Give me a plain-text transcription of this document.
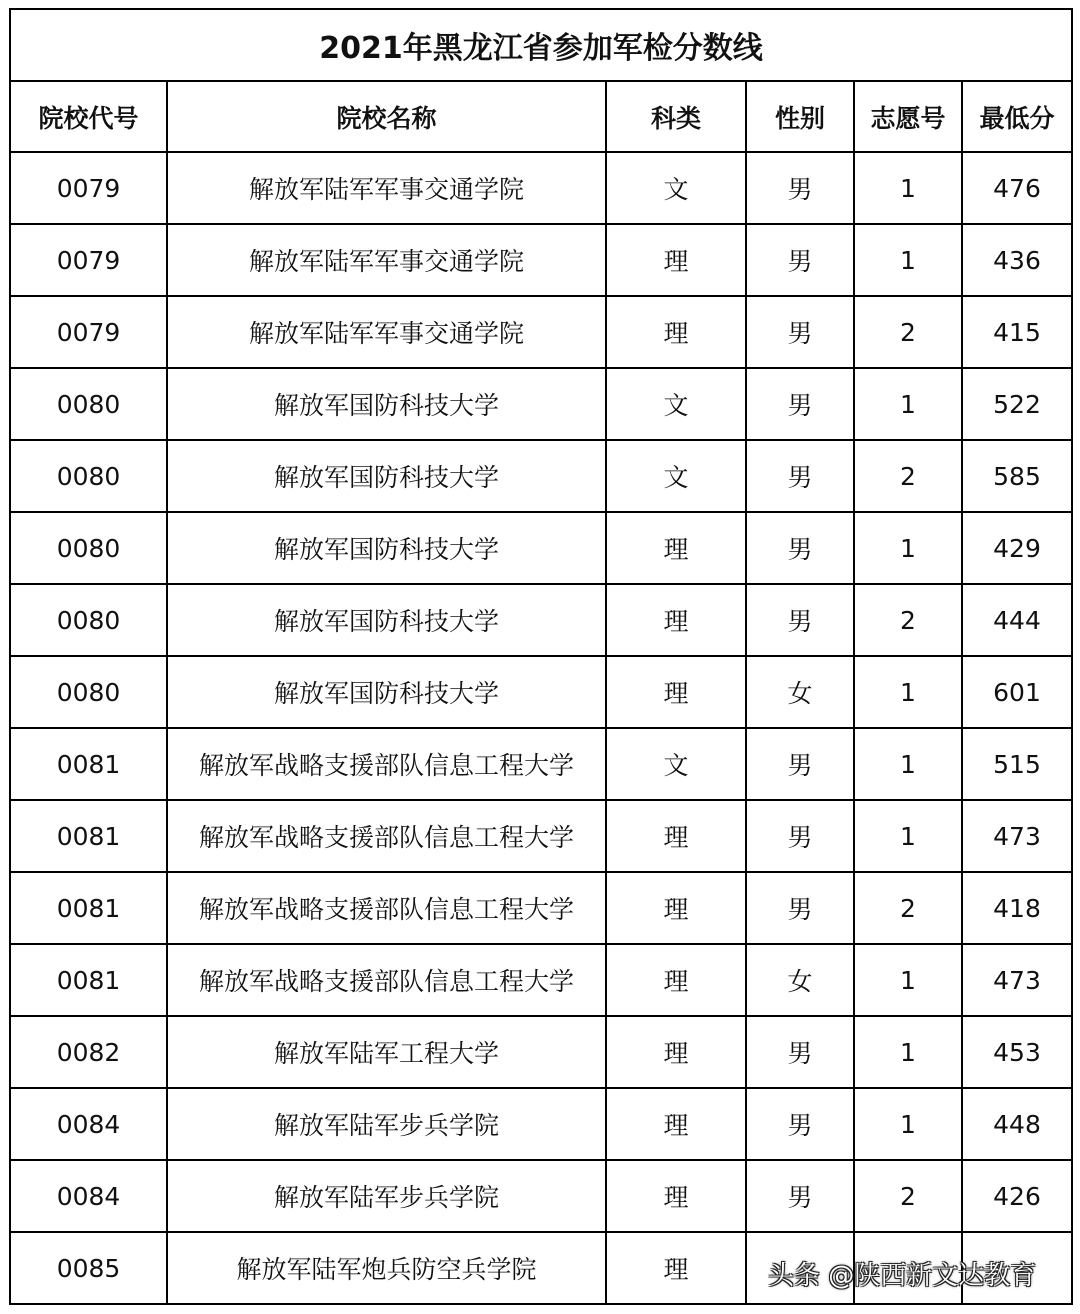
2021年黑龙江省参加军检分数线					
院校代号	院校名称	科类	性别	志愿号	最低分
0079	解放军陆军军事交通学院	文	男	1	476
0079	解放军陆军军事交通学院	理	男	1	436
0079	解放军陆军军事交通学院	理	男	2	415
0080	解放军国防科技大学	文	男	1	522
0080	解放军国防科技大学	文	男	2	585
0080	解放军国防科技大学	理	男	1	429
0080	解放军国防科技大学	理	男	2	444
0080	解放军国防科技大学	理	女	1	601
0081	解放军战略支援部队信息工程大学	文	男	1	515
0081	解放军战略支援部队信息工程大学	理	男	1	473
0081	解放军战略支援部队信息工程大学	理	男	2	418
0081	解放军战略支援部队信息工程大学	理	女	1	473
0082	解放军陆军工程大学	理	男	1	453
0084	解放军陆军步兵学院	理	男	1	448
0084	解放军陆军步兵学院	理	男	2	426
0085	解放军陆军炮兵防空兵学院	理				头条 @陕西新文达教育
